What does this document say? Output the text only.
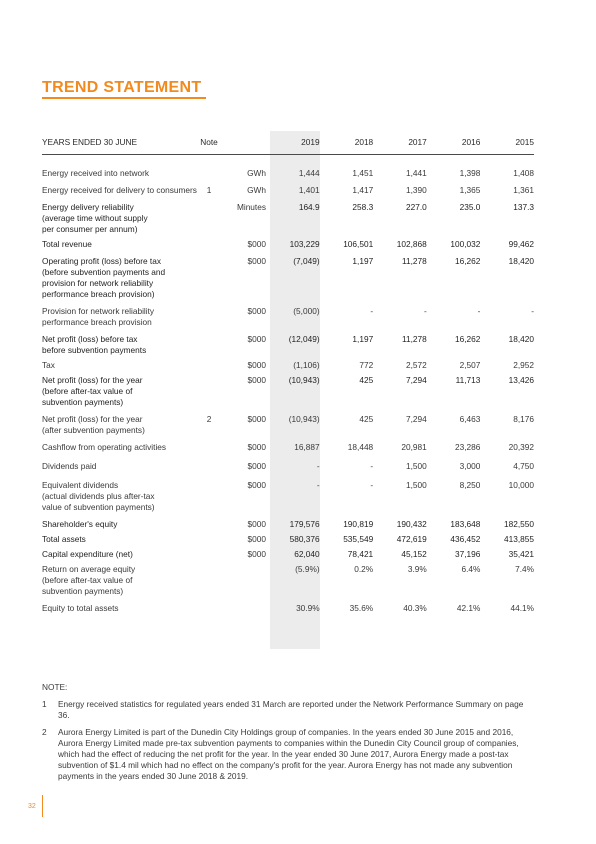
TREND STATEMENT
YEARS ENDED 30 JUNE	Note		2019	2018	2017	2016	2015

Energy received into network		GWh	1,444	1,451	1,441	1,398	1,408

Energy received for delivery to consumers	1	GWh	1,401	1,417	1,390	1,365	1,361

Energy delivery reliability
(average time without supply
per consumer per annum)		Minutes	164.9	258.3	227.0	235.0	137.3

Total revenue		$000	103,229	106,501	102,868	100,032	99,462

Operating profit (loss) before tax
(before subvention payments and
provision for network reliability
performance breach provision)		$000	(7,049)	1,197	11,278	16,262	18,420

Provision for network reliability
performance breach provision		$000	(5,000)	-	-	-	-

Net profit (loss) before tax
before subvention payments		$000	(12,049)	1,197	11,278	16,262	18,420

Tax		$000	(1,106)	772	2,572	2,507	2,952

Net profit (loss) for the year
(before after-tax value of
subvention payments)		$000	(10,943)	425	7,294	11,713	13,426

Net profit (loss) for the year
(after subvention payments)	2	$000	(10,943)	425	7,294	6,463	8,176

Cashflow from operating activities		$000	16,887	18,448	20,981	23,286	20,392

Dividends paid		$000	-	-	1,500	3,000	4,750

Equivalent dividends
(actual dividends plus after-tax
value of subvention payments)		$000	-	-	1,500	8,250	10,000

Shareholder's equity		$000	179,576	190,819	190,432	183,648	182,550

Total assets		$000	580,376	535,549	472,619	436,452	413,855

Capital expenditure (net)		$000	62,040	78,421	45,152	37,196	35,421

Return on average equity
(before after-tax value of
subvention payments)			(5.9%)	0.2%	3.9%	6.4%	7.4%

Equity to total assets			30.9%	35.6%	40.3%	42.1%	44.1%

NOTE:

1	Energy received statistics for regulated years ended 31 March are reported under the Network Performance Summary on page 36.
2	Aurora Energy Limited is part of the Dunedin City Holdings group of companies. In the years ended 30 June 2015 and 2016, Aurora Energy Limited made pre-tax subvention payments to companies within the Dunedin City Council group of companies, which had the effect of reducing the net profit for the year. In the year ended 30 June 2017, Aurora Energy made a post-tax subvention of $1.4 mil which had no effect on the company's profit for the year. Aurora Energy has not made any subvention payments in the years ended 30 June 2018 & 2019.
32
